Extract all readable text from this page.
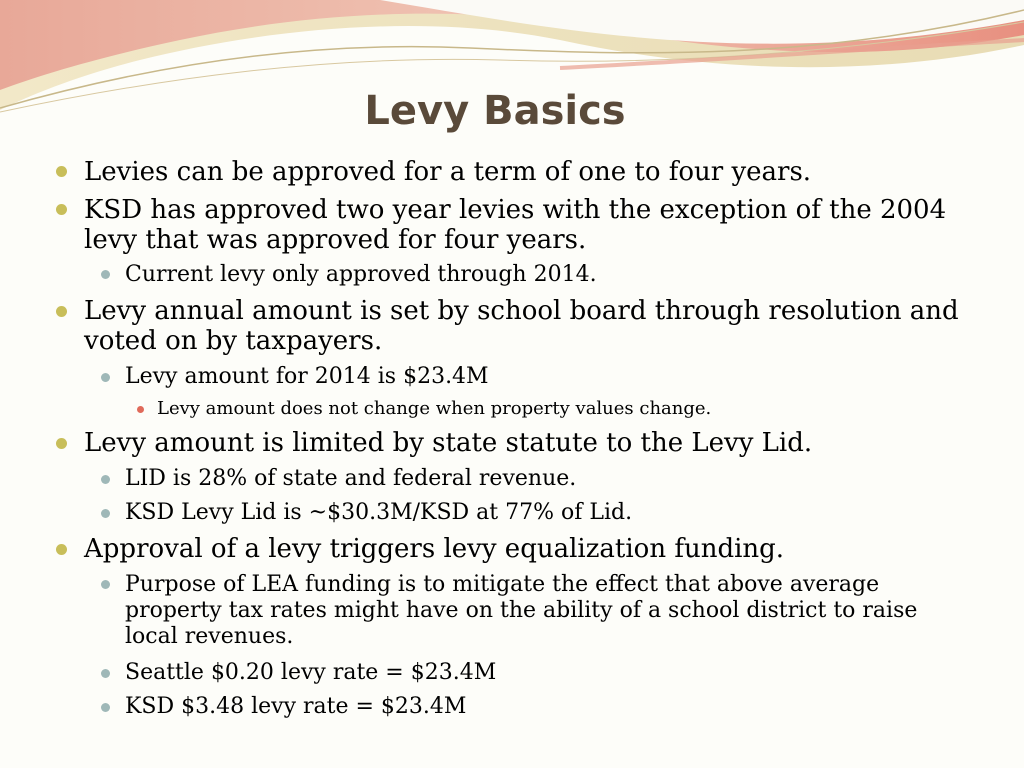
Levy Basics

Levies can be approved for a term of one to four years.

KSD has approved two year levies with the exception of the 2004 levy that was approved for four years.

Current levy only approved through 2014.

Levy annual amount is set by school board through resolution and voted on by taxpayers.

Levy amount for 2014 is $23.4M

Levy amount does not change when property values change.

Levy amount is limited by state statute to the Levy Lid.

LID is 28% of state and federal revenue.

KSD Levy Lid is ~$30.3M/KSD at 77% of Lid.

Approval of a levy triggers levy equalization funding.

Purpose of LEA funding is to mitigate the effect that above average property tax rates might have on the ability of a school district to raise local revenues.

Seattle $0.20 levy rate = $23.4M

KSD $3.48 levy rate = $23.4M
